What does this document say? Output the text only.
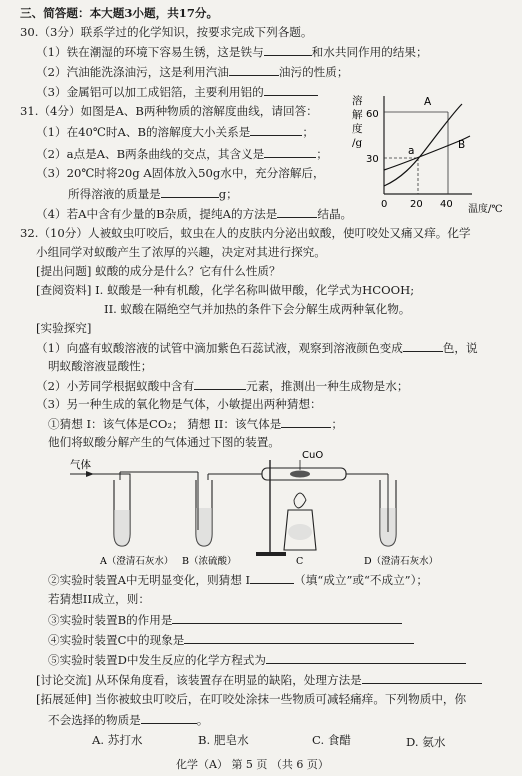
三、简答题：本大题3小题，共17分。
30.（3分）联系学过的化学知识，按要求完成下列各题。
（1）铁在潮湿的环境下容易生锈，这是铁与	和水共同作用的结果；
（2）汽油能洗涤油污，这是利用汽油	油污的性质；
（3）金属铝可以加工成铝箔，主要利用铝的
31.（4分）如图是A、B两种物质的溶解度曲线，请回答：
（1）在40℃时A、B的溶解度大小关系是	；
（2）a点是A、B两条曲线的交点，其含义是	；
（3）20℃时将20g A固体放入50g水中，充分溶解后，
所得溶液的质量是	g；
（4）若A中含有少量的B杂质，提纯A的方法是	结晶。
溶
解
度
/g
60
30
0 20 40 温度/℃
A
B
a
32.（10分）人被蚊虫叮咬后，蚊虫在人的皮肤内分泌出蚁酸，使叮咬处又痛又痒。化学
小组同学对蚁酸产生了浓厚的兴趣，决定对其进行探究。
[提出问题] 蚁酸的成分是什么？它有什么性质？
[查阅资料] I. 蚁酸是一种有机酸，化学名称叫做甲酸，化学式为HCOOH;
II. 蚁酸在隔绝空气并加热的条件下会分解生成两种氧化物。
[实验探究]
（1）向盛有蚁酸溶液的试管中滴加紫色石蕊试液，观察到溶液颜色变成	色，说
明蚁酸溶液显酸性；
（2）小芳同学根据蚁酸中含有	元素，推测出一种生成物是水；
（3）另一种生成的氧化物是气体，小敏提出两种猜想：
①猜想 I：该气体是CO₂； 猜想 II：该气体是	；
他们将蚁酸分解产生的气体通过下图的装置。
气体
CuO
A（澄清石灰水） B（浓硫酸）	C	D（澄清石灰水）
②实验时装置A中无明显变化，则猜想 I	（填“成立”或“不成立”）；
若猜想II成立，则：
③实验时装置B的作用是
④实验时装置C中的现象是
⑤实验时装置D中发生反应的化学方程式为
[讨论交流] 从环保角度看，该装置存在明显的缺陷，处理方法是
[拓展延伸] 当你被蚊虫叮咬后，在叮咬处涂抹一些物质可减轻痛痒。下列物质中，你
不会选择的物质是	。
A. 苏打水	B. 肥皂水	C. 食醋	D. 氨水
化学（A） 第 5 页 （共 6 页）
